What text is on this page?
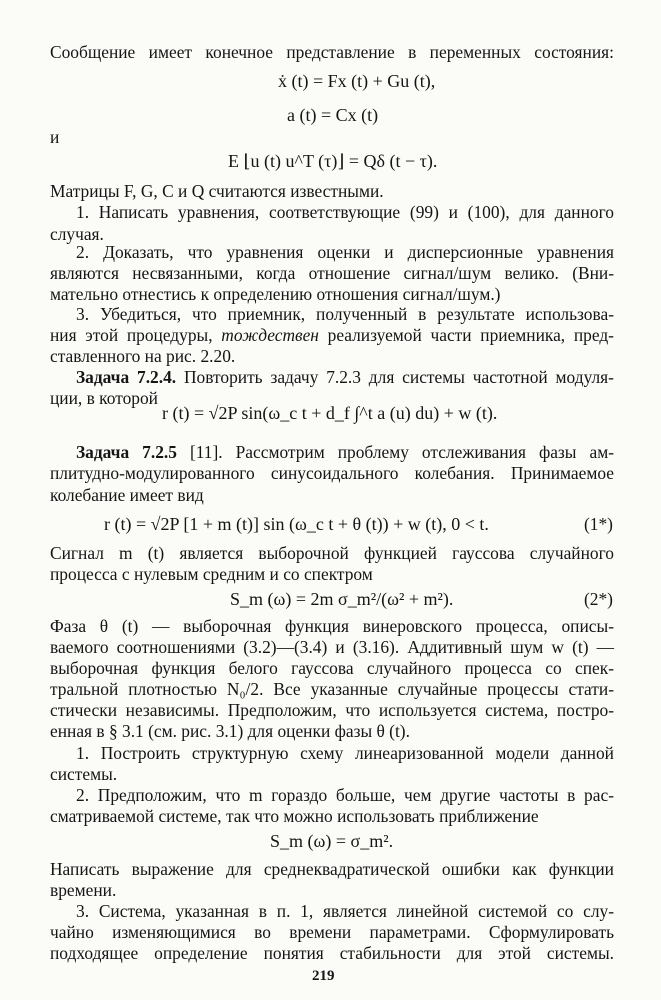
Сообщение имеет конечное представление в переменных состояния:
ẋ (t) = Fx (t) + Gu (t),
a (t) = Cx (t)
и
E ⌊u (t) u^T (τ)⌋ = Qδ (t − τ).
Матрицы F, G, C и Q считаются известными.
1. Написать уравнения, соответствующие (99) и (100), для данного
случая.
2. Доказать, что уравнения оценки и дисперсионные уравнения
являются несвязанными, когда отношение сигнал/шум велико. (Вни-
мательно отнестись к определению отношения сигнал/шум.)
3. Убедиться, что приемник, полученный в результате использова-
ния этой процедуры, тождествен реализуемой части приемника, пред-
ставленного на рис. 2.20.
Задача 7.2.4. Повторить задачу 7.2.3 для системы частотной модуля-
ции, в которой
r (t) = √2P sin(ω_c t + d_f ∫^t a (u) du) + w (t).
Задача 7.2.5 [11]. Рассмотрим проблему отслеживания фазы ам-
плитудно-модулированного синусоидального колебания. Принимаемое
колебание имеет вид
r (t) = √2P [1 + m (t)] sin (ω_c t + θ (t)) + w (t), 0 < t.	(1*)
Сигнал m (t) является выборочной функцией гауссова случайного
процесса с нулевым средним и со спектром
S_m (ω) = 2m σ_m²/(ω² + m²).	(2*)
Фаза θ (t) — выборочная функция винеровского процесса, описы-
ваемого соотношениями (3.2)—(3.4) и (3.16). Аддитивный шум w (t) —
выборочная функция белого гауссова случайного процесса со спек-
тральной плотностью N₀/2. Все указанные случайные процессы стати-
стически независимы. Предположим, что используется система, постро-
енная в § 3.1 (см. рис. 3.1) для оценки фазы θ (t).
1. Построить структурную схему линеаризованной модели данной
системы.
2. Предположим, что m гораздо больше, чем другие частоты в рас-
сматриваемой системе, так что можно использовать приближение
S_m (ω) = σ_m².
Написать выражение для среднеквадратической ошибки как функции
времени.
3. Система, указанная в п. 1, является линейной системой со слу-
чайно изменяющимися во времени параметрами. Сформулировать
подходящее определение понятия стабильности для этой системы.
219
